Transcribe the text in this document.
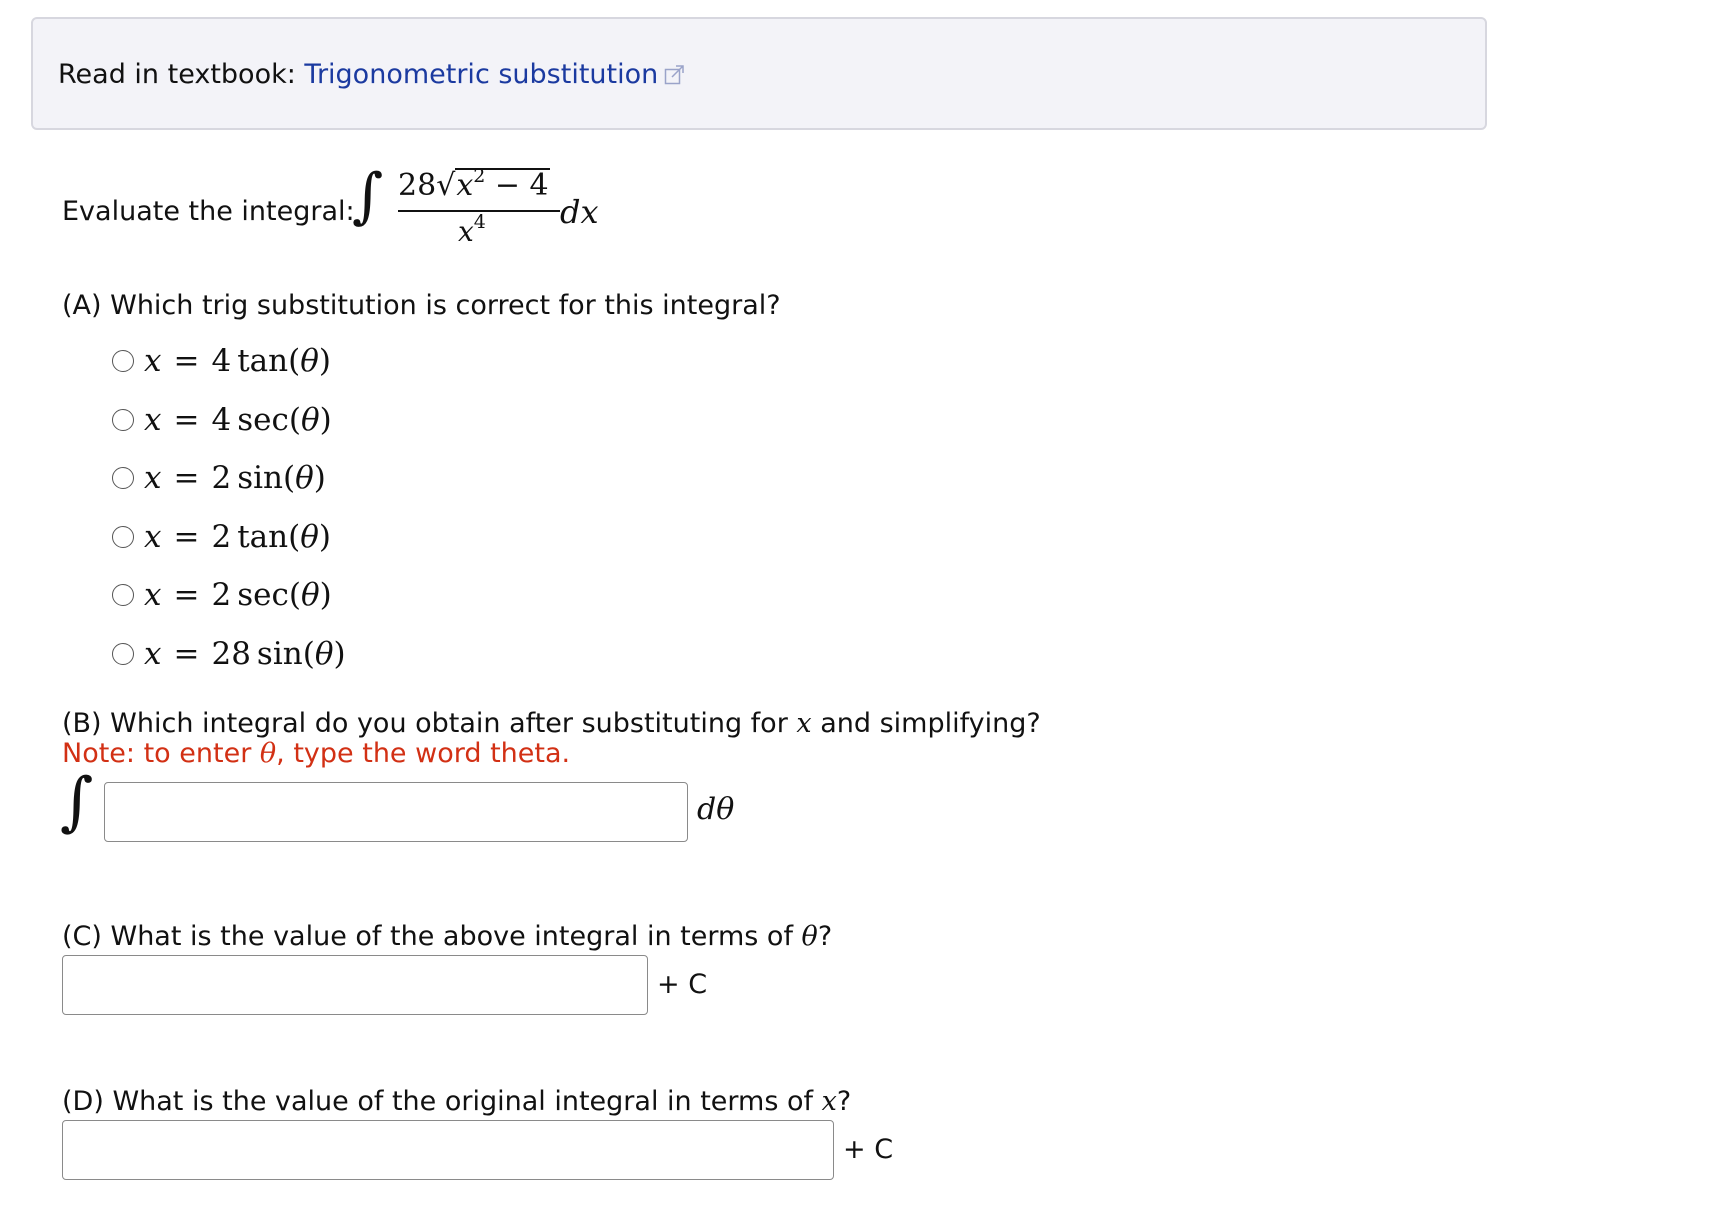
Read in textbook: Trigonometric substitution
Evaluate the integral:
∫ $28√x^2 - 4$
$x^4$ dx
(A) Which trig substitution is correct for this integral?
x = 4 tan(θ)
x = 4 sec(θ)
x = 2 sin(θ)
x = 2 tan(θ)
x = 2 sec(θ)
x = 28 sin(θ)
(B) Which integral do you obtain after substituting for x and simplifying?
Note: to enter θ, type the word theta.
∫	dθ
(C) What is the value of the above integral in terms of θ?
+ C
(D) What is the value of the original integral in terms of x?
+ C
